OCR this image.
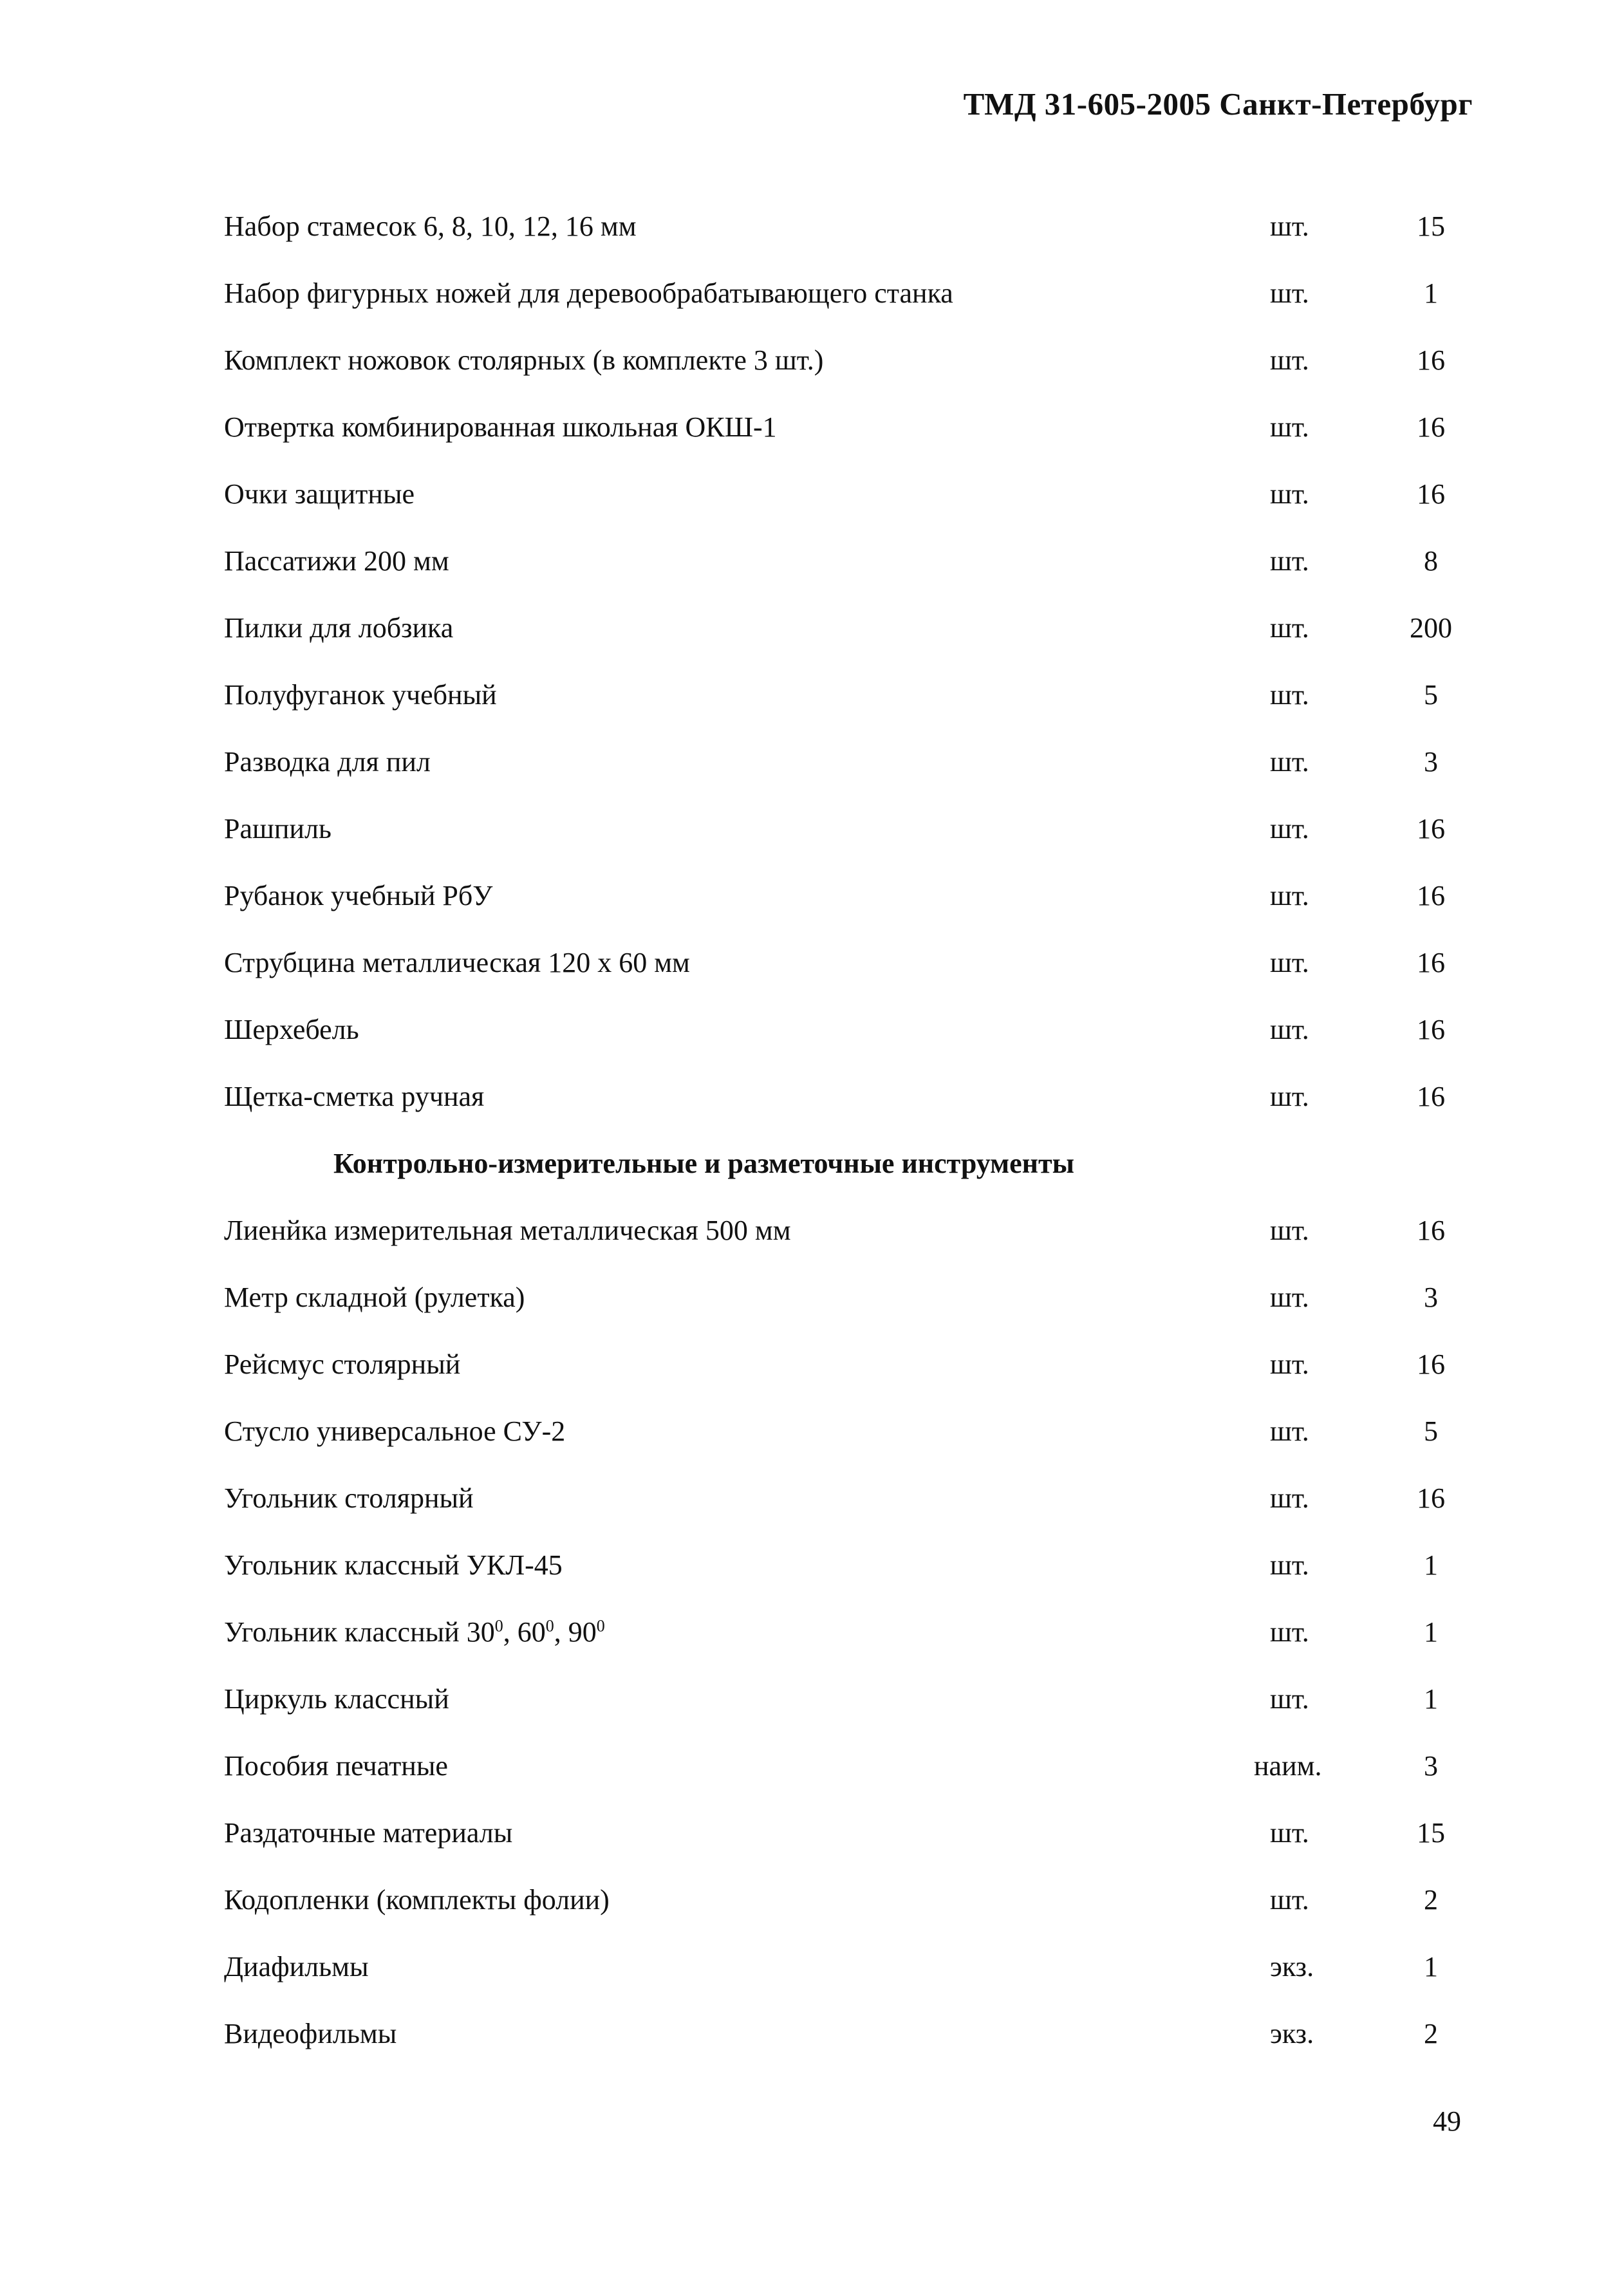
ТМД 31-605-2005 Санкт-Петербург
Набор стамесок 6, 8, 10, 12, 16 мм	шт.	15
Набор фигурных ножей для деревообрабатывающего станка	шт.	1
Комплект ножовок столярных (в комплекте 3 шт.)	шт.	16
Отвертка комбинированная школьная ОКШ-1	шт.	16
Очки защитные	шт.	16
Пассатижи 200 мм	шт.	8
Пилки для лобзика	шт.	200
Полуфуганок учебный	шт.	5
Разводка для пил	шт.	3
Рашпиль	шт.	16
Рубанок учебный РбУ	шт.	16
Струбцина металлическая 120 х 60 мм	шт.	16
Шерхебель	шт.	16
Щетка-сметка ручная	шт.	16
Контрольно-измерительные и разметочные инструменты
Лиенйка измерительная металлическая 500 мм	шт.	16
Метр складной (рулетка)	шт.	3
Рейсмус столярный	шт.	16
Стусло универсальное СУ-2	шт.	5
Угольник столярный	шт.	16
Угольник классный УКЛ-45	шт.	1
Угольник классный $30^0$, $60^0$, $90^0$	шт.	1
Циркуль классный	шт.	1
Пособия печатные	наим.	3
Раздаточные материалы	шт.	15
Кодопленки (комплекты фолии)	шт.	2
Диафильмы	экз.	1
Видеофильмы	экз.	2
49
